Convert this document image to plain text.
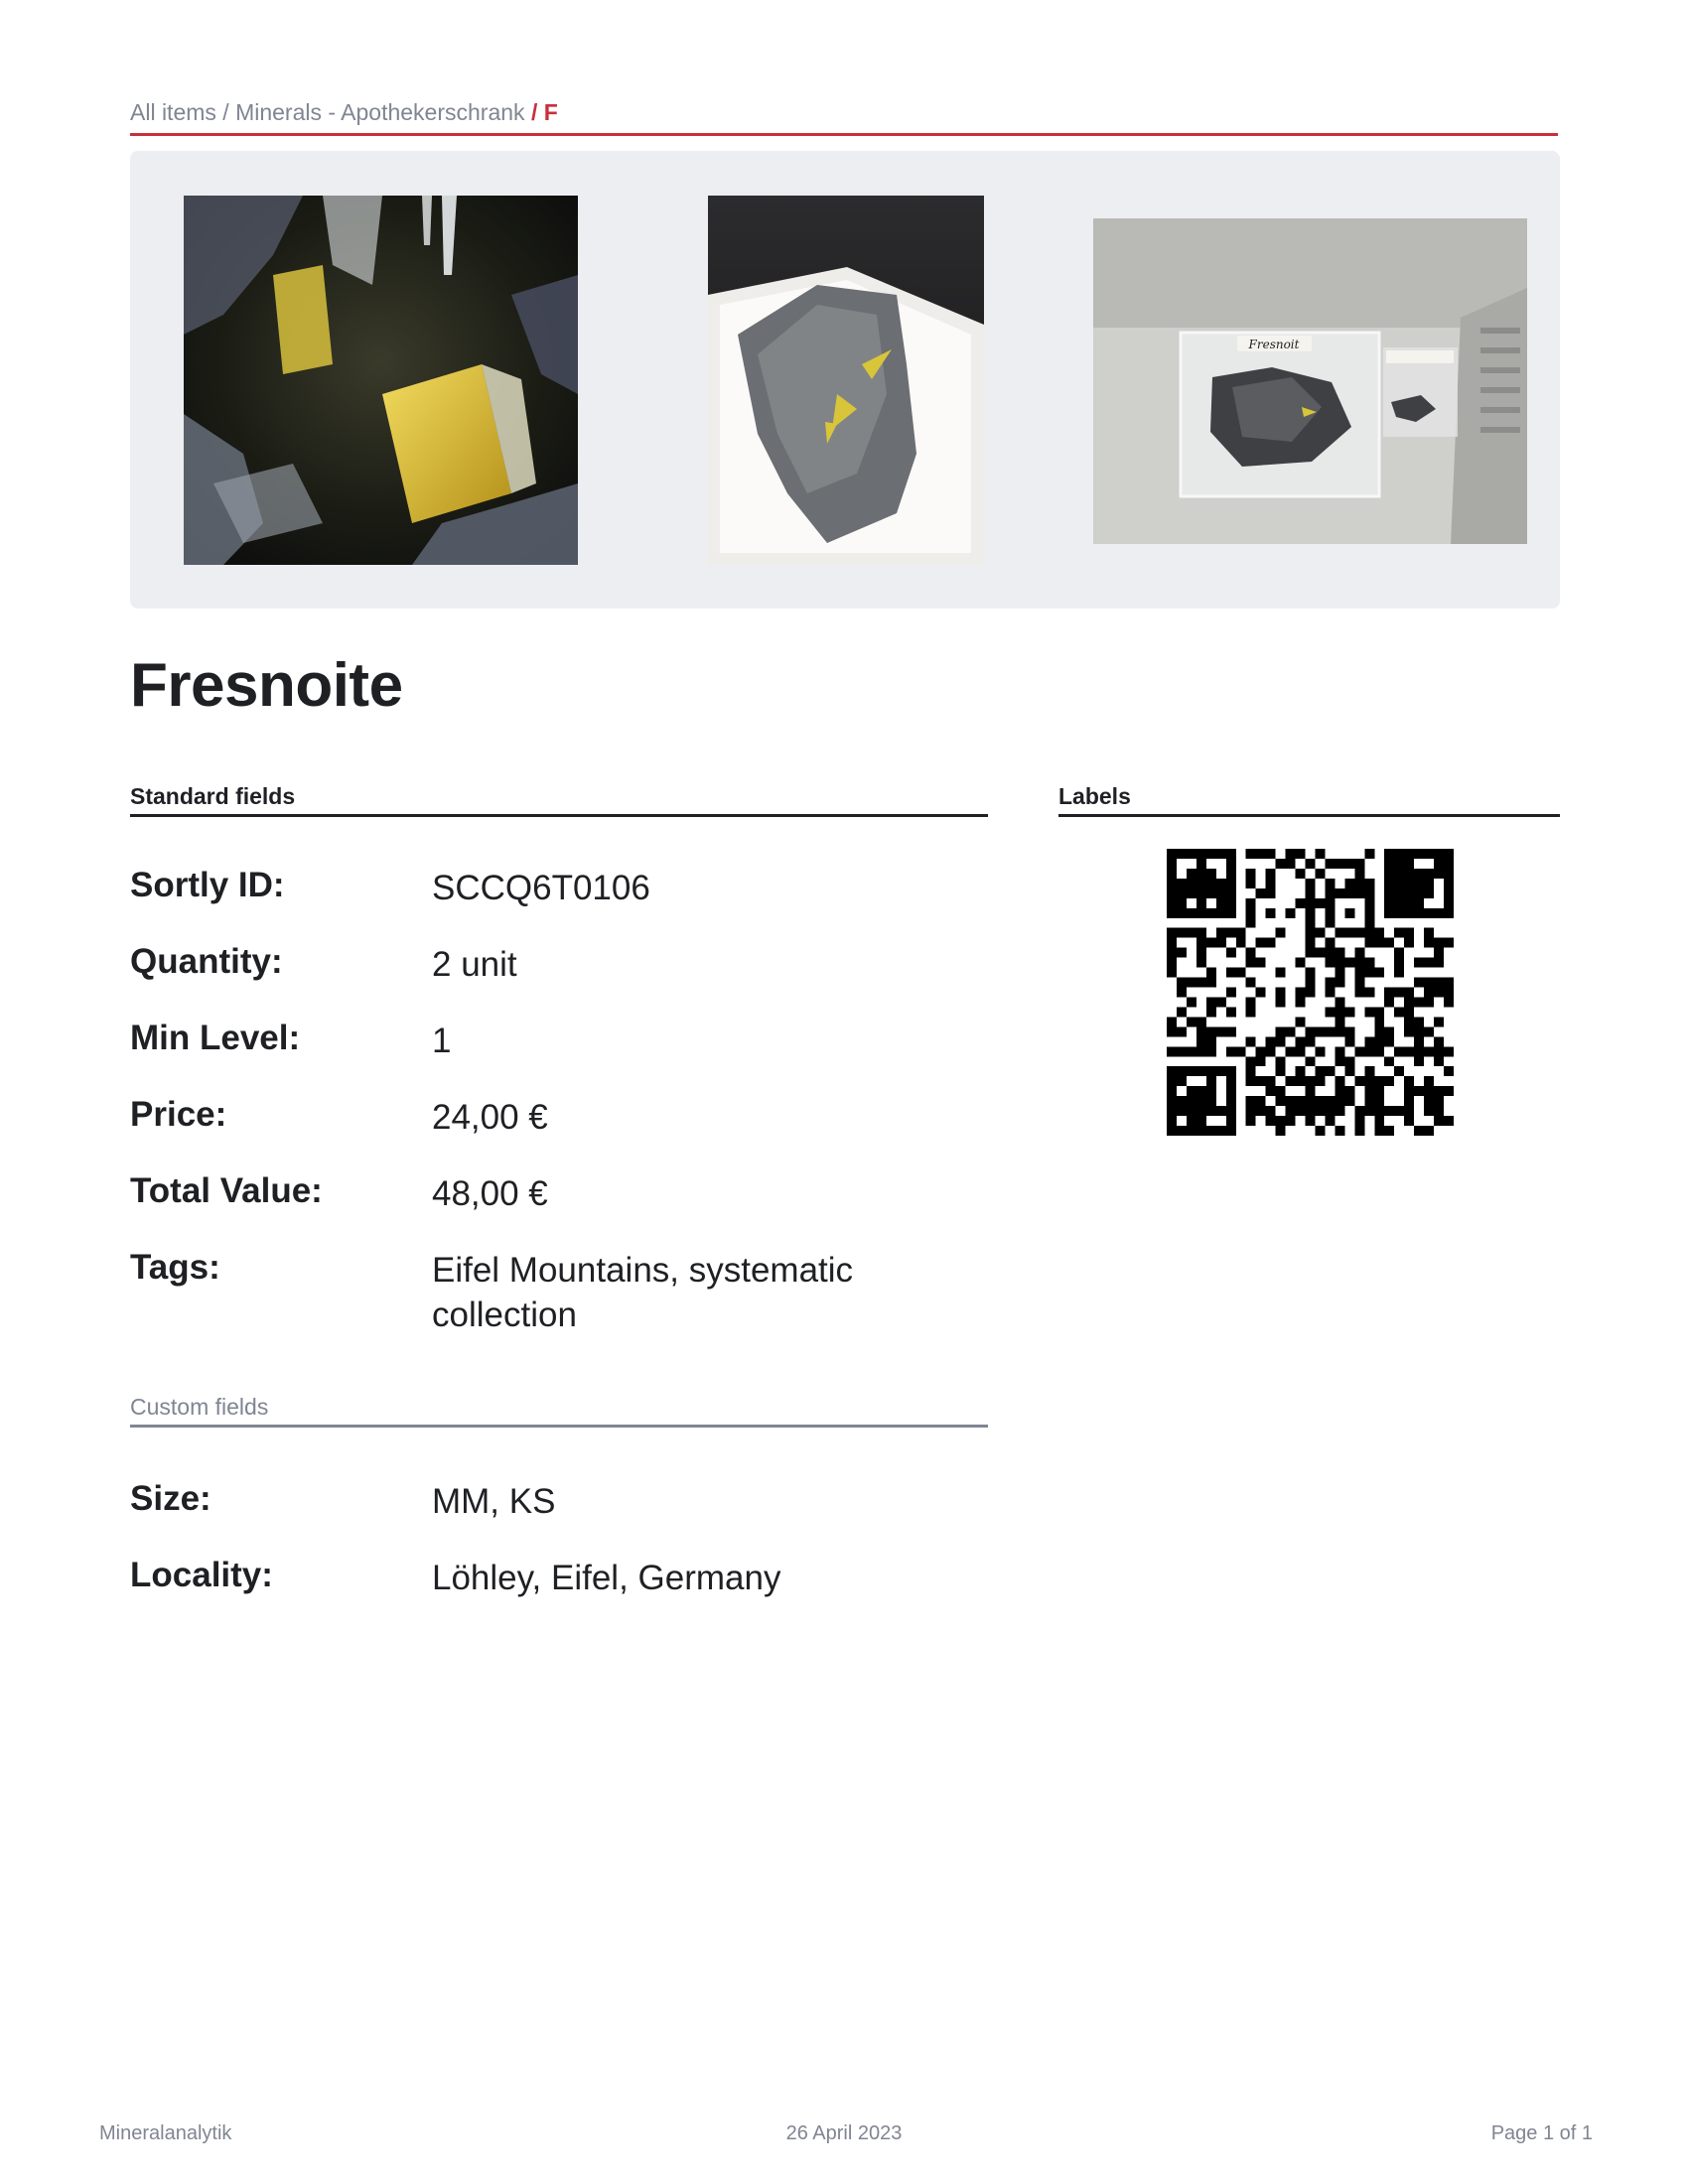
All items / Minerals - Apothekerschrank / F
Fresnoit
Fresnoite
Standard fields
Sortly ID:	SCCQ6T0106
Quantity:	2 unit
Min Level:	1
Price:	24,00 €
Total Value:	48,00 €
Tags:	Eifel Mountains, systematic collection
Custom fields
Size:	MM, KS
Locality:	Löhley, Eifel, Germany
Labels
Mineralanalytik	26 April 2023	Page 1 of 1
